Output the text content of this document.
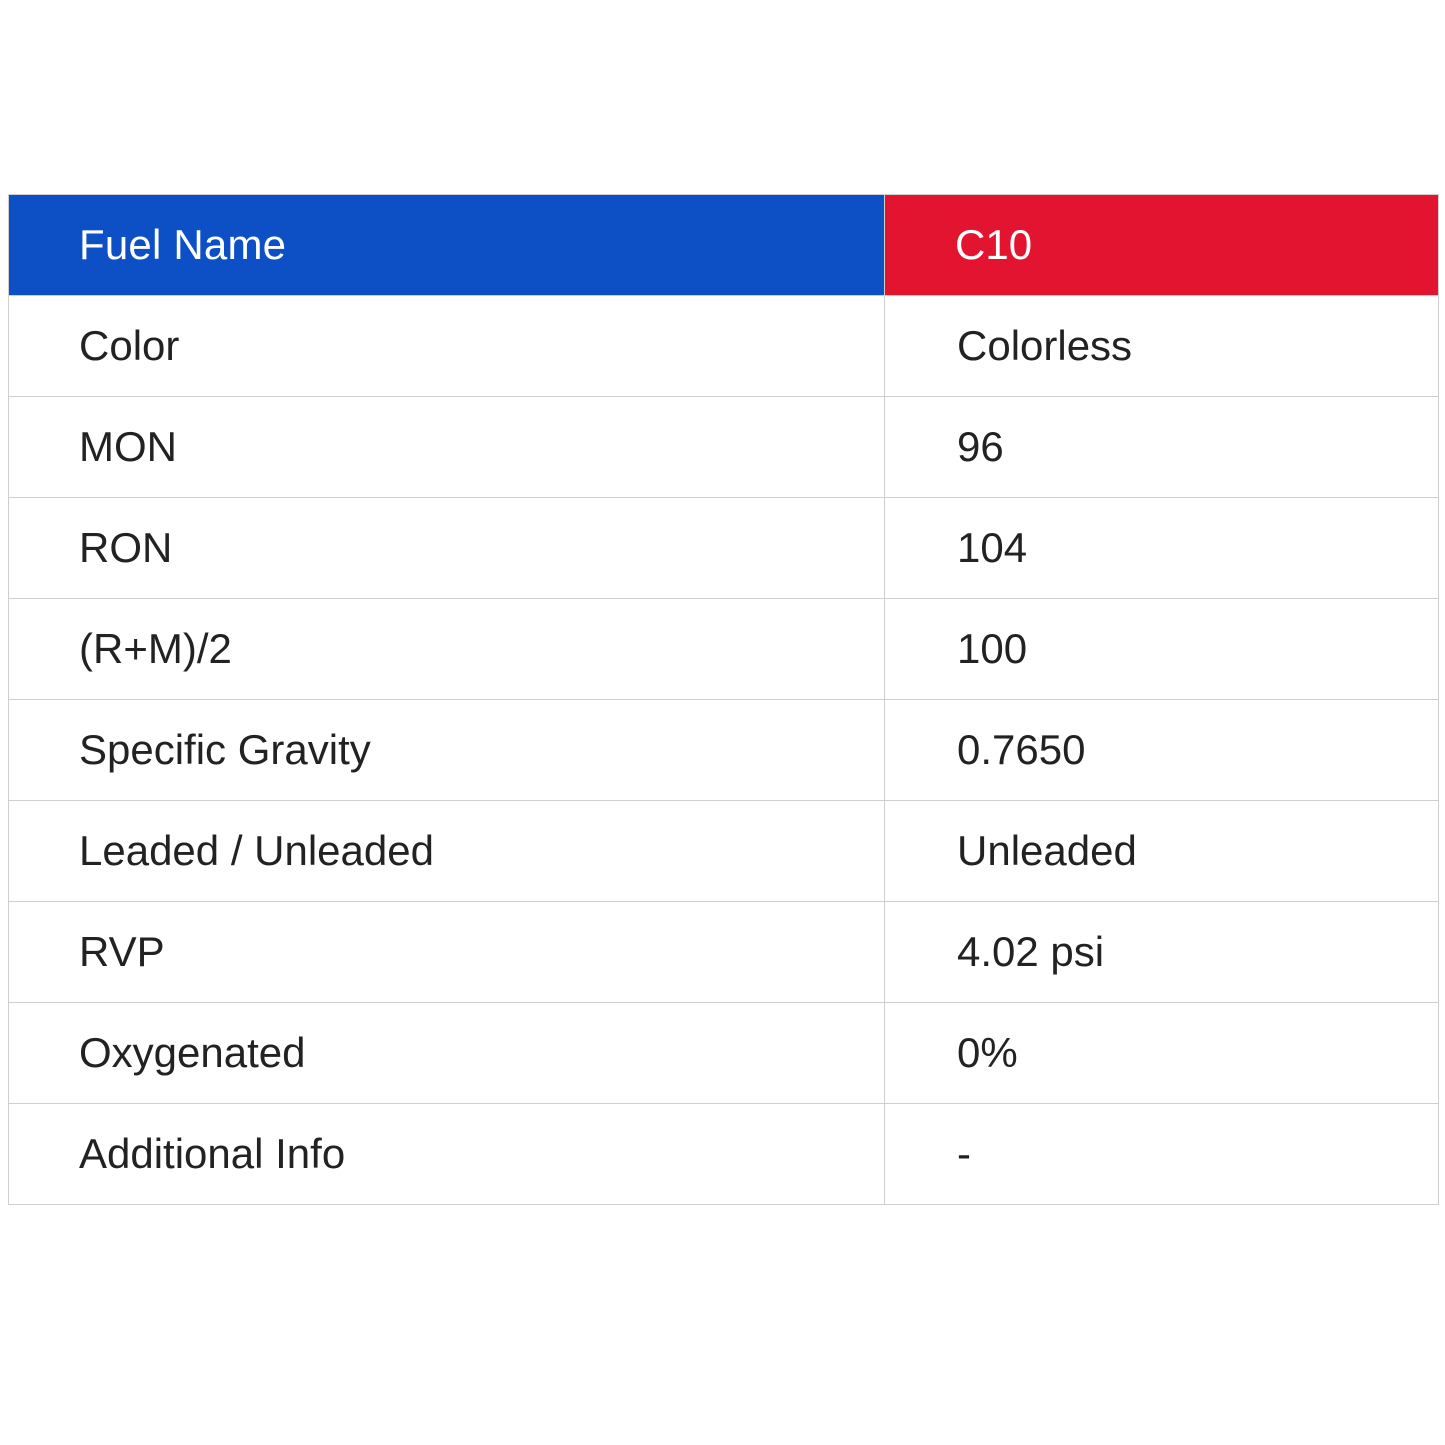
Fuel Name	C10

Color	Colorless

MON	96

RON	104

(R+M)/2	100

Specific Gravity	0.7650

Leaded / Unleaded	Unleaded

RVP	4.02 psi

Oxygenated	0%

Additional Info	-
